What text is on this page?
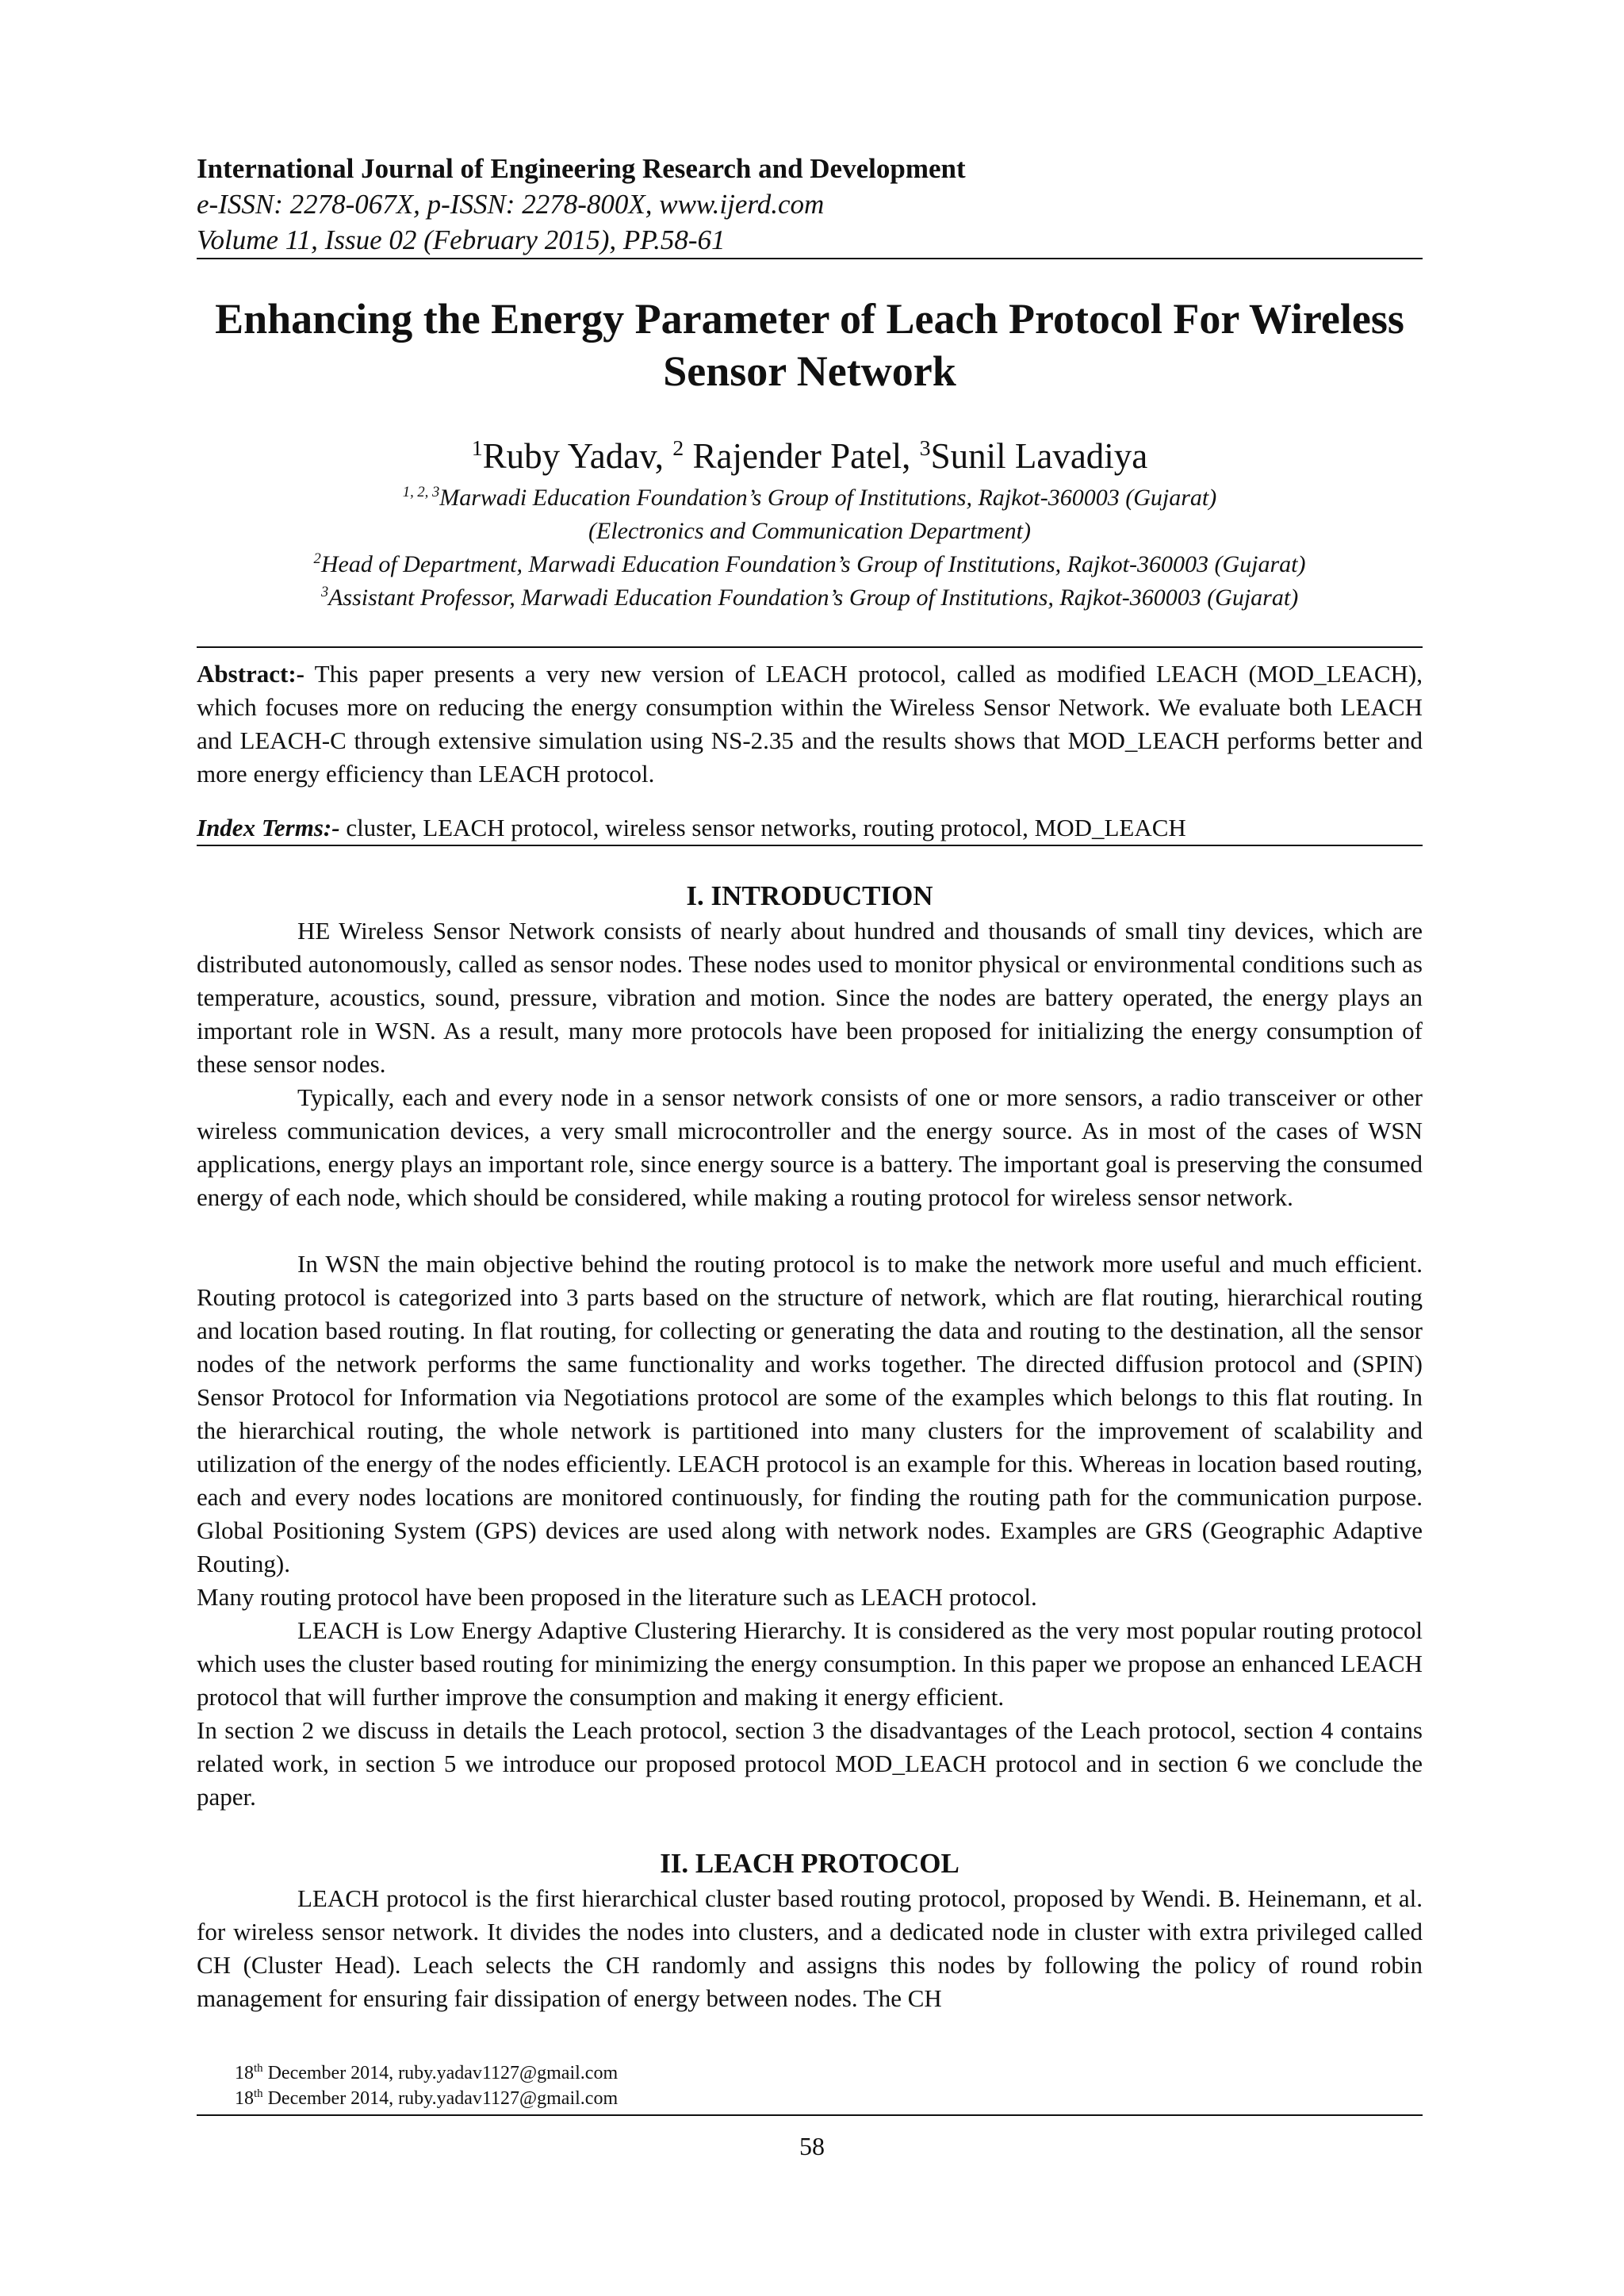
International Journal of Engineering Research and Development
e-ISSN: 2278-067X, p-ISSN: 2278-800X, www.ijerd.com
Volume 11, Issue 02 (February 2015), PP.58-61
Enhancing the Energy Parameter of Leach Protocol For Wireless
Sensor Network
$^1$Ruby Yadav, $^2$ Rajender Patel, $^3$Sunil Lavadiya
$^{1, 2, 3}$Marwadi Education Foundation’s Group of Institutions, Rajkot-360003 (Gujarat)
(Electronics and Communication Department)
$^2$Head of Department, Marwadi Education Foundation’s Group of Institutions, Rajkot-360003 (Gujarat)
$^3$Assistant Professor, Marwadi Education Foundation’s Group of Institutions, Rajkot-360003 (Gujarat)
Abstract:- This paper presents a very new version of LEACH protocol, called as modified LEACH (MOD_LEACH), which focuses more on reducing the energy consumption within the Wireless Sensor Network. We evaluate both LEACH and LEACH-C through extensive simulation using NS-2.35 and the results shows that MOD_LEACH performs better and more energy efficiency than LEACH protocol.
Index Terms:- cluster, LEACH protocol, wireless sensor networks, routing protocol, MOD_LEACH
I. INTRODUCTION
HE Wireless Sensor Network consists of nearly about hundred and thousands of small tiny devices, which are distributed autonomously, called as sensor nodes. These nodes used to monitor physical or environmental conditions such as temperature, acoustics, sound, pressure, vibration and motion. Since the nodes are battery operated, the energy plays an important role in WSN. As a result, many more protocols have been proposed for initializing the energy consumption of these sensor nodes.
Typically, each and every node in a sensor network consists of one or more sensors, a radio transceiver or other wireless communication devices, a very small microcontroller and the energy source. As in most of the cases of WSN applications, energy plays an important role, since energy source is a battery. The important goal is preserving the consumed energy of each node, which should be considered, while making a routing protocol for wireless sensor network.
In WSN the main objective behind the routing protocol is to make the network more useful and much efficient. Routing protocol is categorized into 3 parts based on the structure of network, which are flat routing, hierarchical routing and location based routing. In flat routing, for collecting or generating the data and routing to the destination, all the sensor nodes of the network performs the same functionality and works together. The directed diffusion protocol and (SPIN) Sensor Protocol for Information via Negotiations protocol are some of the examples which belongs to this flat routing. In the hierarchical routing, the whole network is partitioned into many clusters for the improvement of scalability and utilization of the energy of the nodes efficiently. LEACH protocol is an example for this. Whereas in location based routing, each and every nodes locations are monitored continuously, for finding the routing path for the communication purpose. Global Positioning System (GPS) devices are used along with network nodes. Examples are GRS (Geographic Adaptive Routing).
Many routing protocol have been proposed in the literature such as LEACH protocol.
LEACH is Low Energy Adaptive Clustering Hierarchy. It is considered as the very most popular routing protocol which uses the cluster based routing for minimizing the energy consumption. In this paper we propose an enhanced LEACH protocol that will further improve the consumption and making it energy efficient.
In section 2 we discuss in details the Leach protocol, section 3 the disadvantages of the Leach protocol, section 4 contains related work, in section 5 we introduce our proposed protocol MOD_LEACH protocol and in section 6 we conclude the paper.
II. LEACH PROTOCOL
LEACH protocol is the first hierarchical cluster based routing protocol, proposed by Wendi. B. Heinemann, et al. for wireless sensor network. It divides the nodes into clusters, and a dedicated node in cluster with extra privileged called CH (Cluster Head). Leach selects the CH randomly and assigns this nodes by following the policy of round robin management for ensuring fair dissipation of energy between nodes. The CH
18th December 2014, ruby.yadav1127@gmail.com
18th December 2014, ruby.yadav1127@gmail.com
58
